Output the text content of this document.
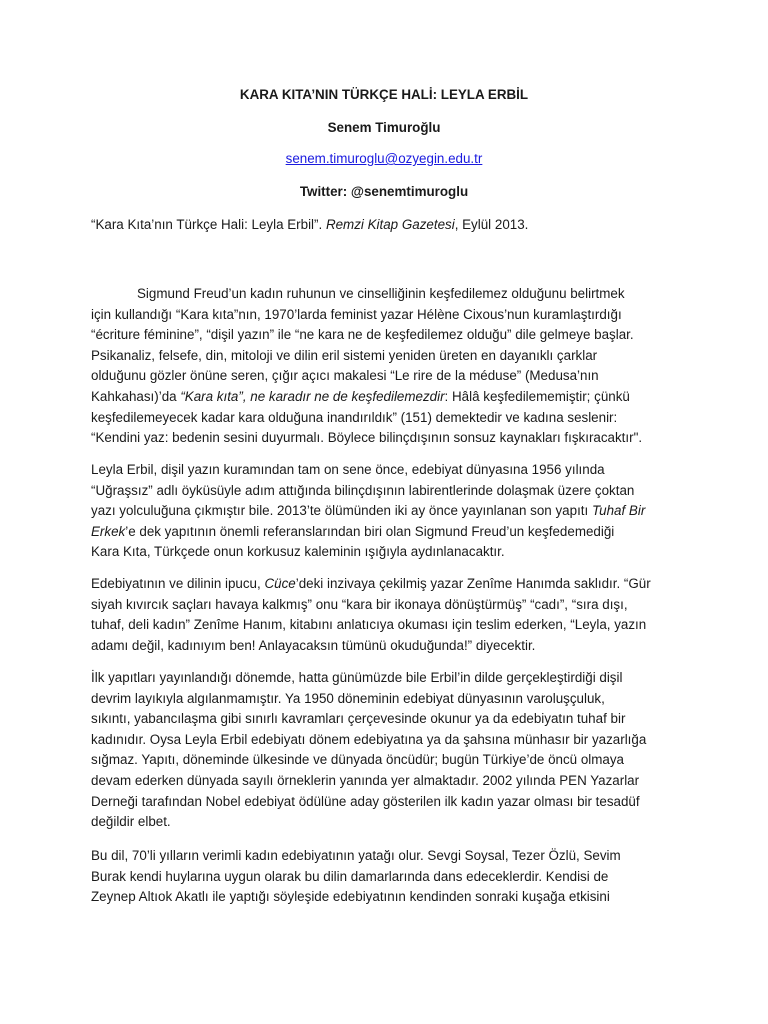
KARA KITA’NIN TÜRKÇE HALİ: LEYLA ERBİL
Senem Timuroğlu
senem.timuroglu@ozyegin.edu.tr
Twitter: @senemtimuroglu
“Kara Kıta’nın Türkçe Hali: Leyla Erbil”. Remzi Kitap Gazetesi, Eylül 2013.
Sigmund Freud’un kadın ruhunun ve cinselliğinin keşfedilemez olduğunu belirtmek
için kullandığı “Kara kıta”nın, 1970’larda feminist yazar Hélène Cixous’nun kuramlaştırdığı
“écriture féminine”, “dişil yazın” ile “ne kara ne de keşfedilemez olduğu” dile gelmeye başlar.
Psikanaliz, felsefe, din, mitoloji ve dilin eril sistemi yeniden üreten en dayanıklı çarklar
olduğunu gözler önüne seren, çığır açıcı makalesi “Le rire de la méduse” (Medusa’nın
Kahkahası)’da “Kara kıta”, ne karadır ne de keşfedilemezdir: Hâlâ keşfedilememiştir; çünkü
keşfedilemeyecek kadar kara olduğuna inandırıldık” (151) demektedir ve kadına seslenir:
“Kendini yaz: bedenin sesini duyurmalı. Böylece bilinçdışının sonsuz kaynakları fışkıracaktır".
Leyla Erbil, dişil yazın kuramından tam on sene önce, edebiyat dünyasına 1956 yılında
“Uğraşsız” adlı öyküsüyle adım attığında bilinçdışının labirentlerinde dolaşmak üzere çoktan
yazı yolculuğuna çıkmıştır bile. 2013’te ölümünden iki ay önce yayınlanan son yapıtı Tuhaf Bir
Erkek’e dek yapıtının önemli referanslarından biri olan Sigmund Freud’un keşfedemediği
Kara Kıta, Türkçede onun korkusuz kaleminin ışığıyla aydınlanacaktır.
Edebiyatının ve dilinin ipucu, Cüce’deki inzivaya çekilmiş yazar Zenîme Hanımda saklıdır. “Gür
siyah kıvırcık saçları havaya kalkmış” onu “kara bir ikonaya dönüştürmüş” “cadı”, “sıra dışı,
tuhaf, deli kadın” Zenîme Hanım, kitabını anlatıcıya okuması için teslim ederken, “Leyla, yazın
adamı değil, kadınıyım ben! Anlayacaksın tümünü okuduğunda!” diyecektir.
İlk yapıtları yayınlandığı dönemde, hatta günümüzde bile Erbil’in dilde gerçekleştirdiği dişil
devrim layıkıyla algılanmamıştır. Ya 1950 döneminin edebiyat dünyasının varoluşçuluk,
sıkıntı, yabancılaşma gibi sınırlı kavramları çerçevesinde okunur ya da edebiyatın tuhaf bir
kadınıdır. Oysa Leyla Erbil edebiyatı dönem edebiyatına ya da şahsına münhasır bir yazarlığa
sığmaz. Yapıtı, döneminde ülkesinde ve dünyada öncüdür; bugün Türkiye’de öncü olmaya
devam ederken dünyada sayılı örneklerin yanında yer almaktadır. 2002 yılında PEN Yazarlar
Derneği tarafından Nobel edebiyat ödülüne aday gösterilen ilk kadın yazar olması bir tesadüf
değildir elbet.
Bu dil, 70’li yılların verimli kadın edebiyatının yatağı olur. Sevgi Soysal, Tezer Özlü, Sevim
Burak kendi huylarına uygun olarak bu dilin damarlarında dans edeceklerdir. Kendisi de
Zeynep Altıok Akatlı ile yaptığı söyleşide edebiyatının kendinden sonraki kuşağa etkisini
